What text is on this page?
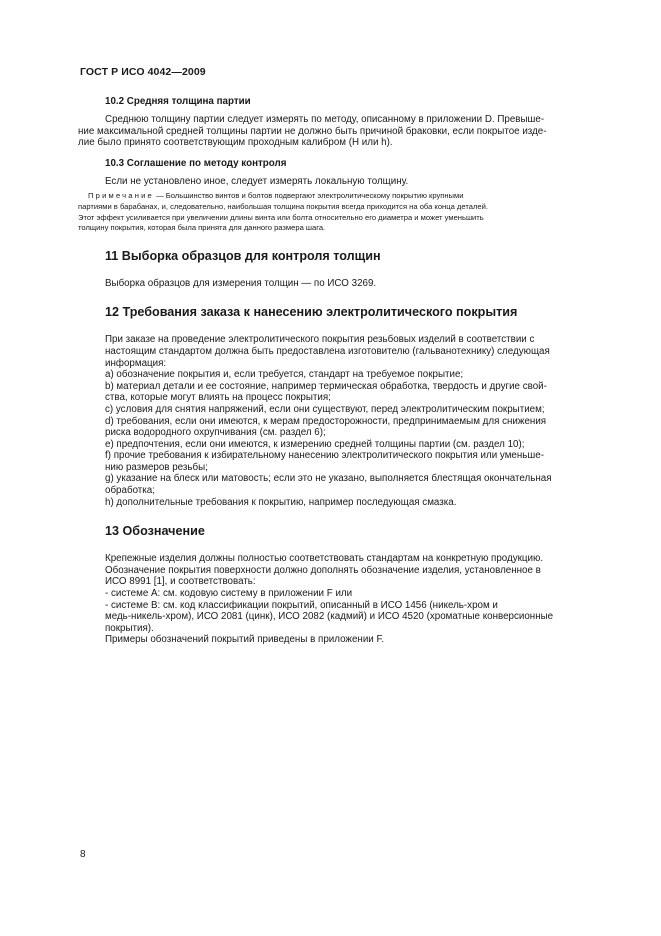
ГОСТ Р ИСО 4042—2009
10.2 Средняя толщина партии
Среднюю толщину партии следует измерять по методу, описанному в приложении D. Превыше-
ние максимальной средней толщины партии не должно быть причиной браковки, если покрытое изде-
лие было принято соответствующим проходным калибром (H или h).
10.3 Соглашение по методу контроля
Если не установлено иное, следует измерять локальную толщину.
Примечание — Большинство винтов и болтов подвергают электролитическому покрытию крупными
партиями в барабанах, и, следовательно, наибольшая толщина покрытия всегда приходится на оба конца деталей.
Этот эффект усиливается при увеличении длины винта или болта относительно его диаметра и может уменьшить
толщину покрытия, которая была принята для данного размера шага.
11 Выборка образцов для контроля толщин
Выборка образцов для измерения толщин — по ИСО 3269.
12 Требования заказа к нанесению электролитического покрытия
При заказе на проведение электролитического покрытия резьбовых изделий в соответствии с
настоящим стандартом должна быть предоставлена изготовителю (гальванотехнику) следующая
информация:
a) обозначение покрытия и, если требуется, стандарт на требуемое покрытие;
b) материал детали и ее состояние, например термическая обработка, твердость и другие свой-
ства, которые могут влиять на процесс покрытия;
c) условия для снятия напряжений, если они существуют, перед электролитическим покрытием;
d) требования, если они имеются, к мерам предосторожности, предпринимаемым для снижения
риска водородного охрупчивания (см. раздел 6);
e) предпочтения, если они имеются, к измерению средней толщины партии (см. раздел 10);
f) прочие требования к избирательному нанесению электролитического покрытия или уменьше-
нию размеров резьбы;
g) указание на блеск или матовость; если это не указано, выполняется блестящая окончательная
обработка;
h) дополнительные требования к покрытию, например последующая смазка.
13 Обозначение
Крепежные изделия должны полностью соответствовать стандартам на конкретную продукцию.
Обозначение покрытия поверхности должно дополнять обозначение изделия, установленное в
ИСО 8991 [1], и соответствовать:
- системе А: см. кодовую систему в приложении F или
- системе В: см. код классификации покрытий, описанный в ИСО 1456 (никель-хром и
медь-никель-хром), ИСО 2081 (цинк), ИСО 2082 (кадмий) и ИСО 4520 (хроматные конверсионные
покрытия).
Примеры обозначений покрытий приведены в приложении F.
8
